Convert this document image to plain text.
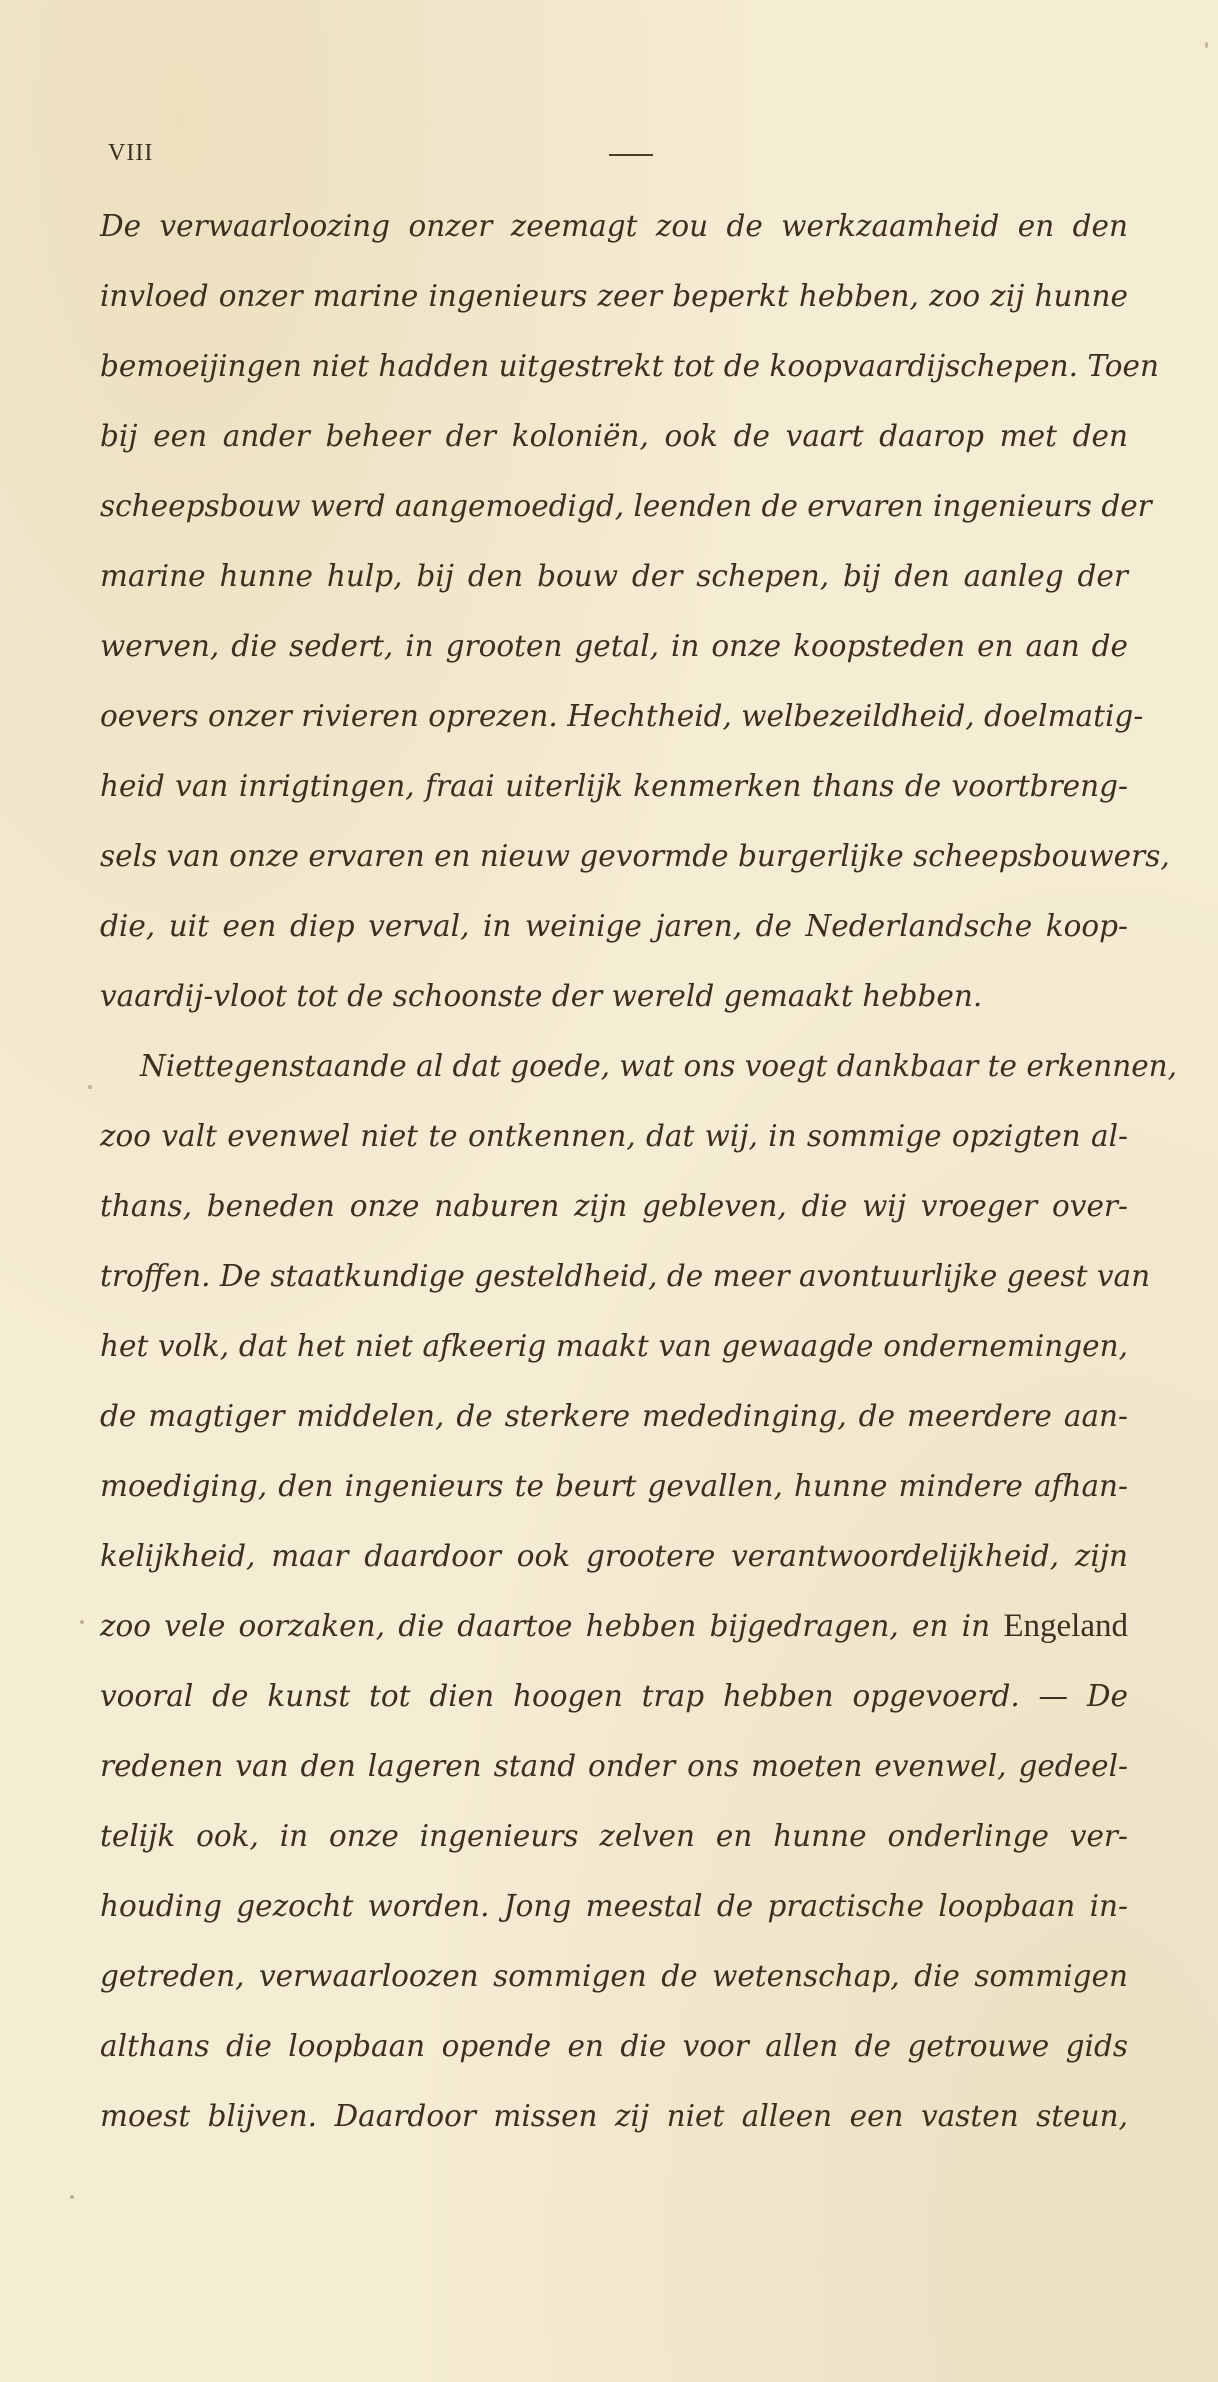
VIII
De verwaarloozing onzer zeemagt zou de werkzaamheid en den
invloed onzer marine ingenieurs zeer beperkt hebben, zoo zij hunne
bemoeijingen niet hadden uitgestrekt tot de koopvaardijschepen. Toen
bij een ander beheer der koloniën, ook de vaart daarop met den
scheepsbouw werd aangemoedigd, leenden de ervaren ingenieurs der
marine hunne hulp, bij den bouw der schepen, bij den aanleg der
werven, die sedert, in grooten getal, in onze koopsteden en aan de
oevers onzer rivieren oprezen. Hechtheid, welbezeildheid, doelmatig-
heid van inrigtingen, fraai uiterlijk kenmerken thans de voortbreng-
sels van onze ervaren en nieuw gevormde burgerlijke scheepsbouwers,
die, uit een diep verval, in weinige jaren, de Nederlandsche koop-
vaardij-vloot tot de schoonste der wereld gemaakt hebben.
Niettegenstaande al dat goede, wat ons voegt dankbaar te erkennen,
zoo valt evenwel niet te ontkennen, dat wij, in sommige opzigten al-
thans, beneden onze naburen zijn gebleven, die wij vroeger over-
troffen. De staatkundige gesteldheid, de meer avontuurlijke geest van
het volk, dat het niet afkeerig maakt van gewaagde ondernemingen,
de magtiger middelen, de sterkere mededinging, de meerdere aan-
moediging, den ingenieurs te beurt gevallen, hunne mindere afhan-
kelijkheid, maar daardoor ook grootere verantwoordelijkheid, zijn
zoo vele oorzaken, die daartoe hebben bijgedragen, en in Engeland
vooral de kunst tot dien hoogen trap hebben opgevoerd. — De
redenen van den lageren stand onder ons moeten evenwel, gedeel-
telijk ook, in onze ingenieurs zelven en hunne onderlinge ver-
houding gezocht worden. Jong meestal de practische loopbaan in-
getreden, verwaarloozen sommigen de wetenschap, die sommigen
althans die loopbaan opende en die voor allen de getrouwe gids
moest blijven. Daardoor missen zij niet alleen een vasten steun,
